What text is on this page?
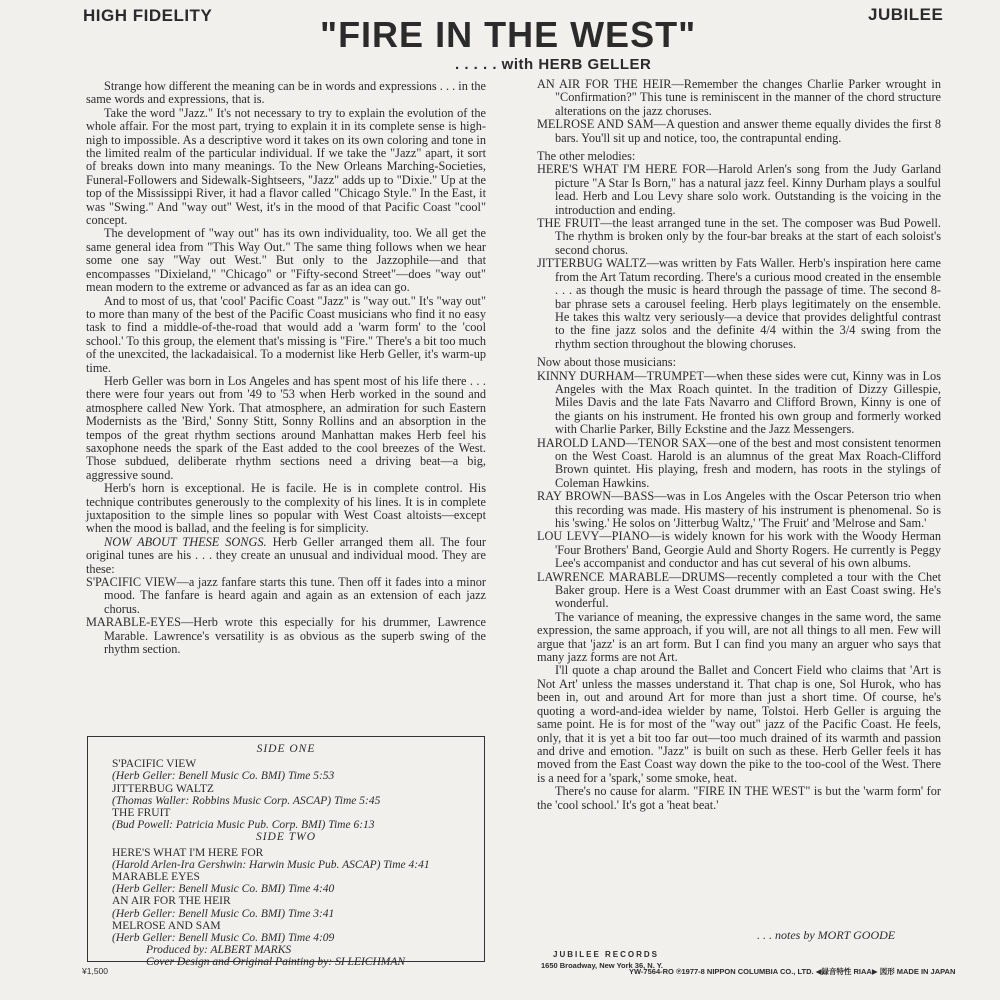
HIGH FIDELITY	"FIRE IN THE WEST"
. . . . . with HERB GELLER
JUBILEE

Strange how different the meaning can be in words and expressions . . . in the same words and expressions, that is.

Take the word "Jazz." It's not necessary to try to explain the evolution of the whole affair. For the most part, trying to explain it in its complete sense is high-nigh to impossible. As a descriptive word it takes on its own coloring and tone in the limited realm of the particular individual. If we take the "Jazz" apart, it sort of breaks down into many meanings. To the New Orleans Marching-Societies, Funeral-Followers and Sidewalk-Sightseers, "Jazz" adds up to "Dixie." Up at the top of the Mississippi River, it had a flavor called "Chicago Style." In the East, it was "Swing." And "way out" West, it's in the mood of that Pacific Coast "cool" concept.

The development of "way out" has its own individuality, too. We all get the same general idea from "This Way Out." The same thing follows when we hear some one say "Way out West." But only to the Jazzophile—and that encompasses "Dixieland," "Chicago" or "Fifty-second Street"—does "way out" mean modern to the extreme or advanced as far as an idea can go.

And to most of us, that 'cool' Pacific Coast "Jazz" is "way out." It's "way out" to more than many of the best of the Pacific Coast musicians who find it no easy task to find a middle-of-the-road that would add a 'warm form' to the 'cool school.' To this group, the element that's missing is "Fire." There's a bit too much of the unexcited, the lackadaisical. To a modernist like Herb Geller, it's warm-up time.

Herb Geller was born in Los Angeles and has spent most of his life there . . . there were four years out from '49 to '53 when Herb worked in the sound and atmosphere called New York. That atmosphere, an admiration for such Eastern Modernists as the 'Bird,' Sonny Stitt, Sonny Rollins and an absorption in the tempos of the great rhythm sections around Manhattan makes Herb feel his saxophone needs the spark of the East added to the cool breezes of the West. Those subdued, deliberate rhythm sections need a driving beat—a big, aggressive sound.

Herb's horn is exceptional. He is facile. He is in complete control. His technique contributes generously to the complexity of his lines. It is in complete juxtaposition to the simple lines so popular with West Coast altoists—except when the mood is ballad, and the feeling is for simplicity.

NOW ABOUT THESE SONGS. Herb Geller arranged them all. The four original tunes are his . . . they create an unusual and individual mood. They are these:

S'PACIFIC VIEW—a jazz fanfare starts this tune. Then off it fades into a minor mood. The fanfare is heard again and again as an extension of each jazz chorus.

MARABLE-EYES—Herb wrote this especially for his drummer, Lawrence Marable. Lawrence's versatility is as obvious as the superb swing of the rhythm section.

AN AIR FOR THE HEIR—Remember the changes Charlie Parker wrought in "Confirmation?" This tune is reminiscent in the manner of the chord structure alterations on the jazz choruses.

MELROSE AND SAM—A question and answer theme equally divides the first 8 bars. You'll sit up and notice, too, the contrapuntal ending.

The other melodies:

HERE'S WHAT I'M HERE FOR—Harold Arlen's song from the Judy Garland picture "A Star Is Born," has a natural jazz feel. Kinny Durham plays a soulful lead. Herb and Lou Levy share solo work. Outstanding is the voicing in the introduction and ending.

THE FRUIT—the least arranged tune in the set. The composer was Bud Powell. The rhythm is broken only by the four-bar breaks at the start of each soloist's second chorus.

JITTERBUG WALTZ—was written by Fats Waller. Herb's inspiration here came from the Art Tatum recording. There's a curious mood created in the ensemble . . . as though the music is heard through the passage of time. The second 8-bar phrase sets a carousel feeling. Herb plays legitimately on the ensemble. He takes this waltz very seriously—a device that provides delightful contrast to the fine jazz solos and the definite 4/4 within the 3/4 swing from the rhythm section throughout the blowing choruses.

Now about those musicians:

KINNY DURHAM—TRUMPET—when these sides were cut, Kinny was in Los Angeles with the Max Roach quintet. In the tradition of Dizzy Gillespie, Miles Davis and the late Fats Navarro and Clifford Brown, Kinny is one of the giants on his instrument. He fronted his own group and formerly worked with Charlie Parker, Billy Eckstine and the Jazz Messengers.

HAROLD LAND—TENOR SAX—one of the best and most consistent tenormen on the West Coast. Harold is an alumnus of the great Max Roach-Clifford Brown quintet. His playing, fresh and modern, has roots in the stylings of Coleman Hawkins.

RAY BROWN—BASS—was in Los Angeles with the Oscar Peterson trio when this recording was made. His mastery of his instrument is phenomenal. So is his 'swing.' He solos on 'Jitterbug Waltz,' 'The Fruit' and 'Melrose and Sam.'

LOU LEVY—PIANO—is widely known for his work with the Woody Herman 'Four Brothers' Band, Georgie Auld and Shorty Rogers. He currently is Peggy Lee's accompanist and conductor and has cut several of his own albums.

LAWRENCE MARABLE—DRUMS—recently completed a tour with the Chet Baker group. Here is a West Coast drummer with an East Coast swing. He's wonderful.

The variance of meaning, the expressive changes in the same word, the same expression, the same approach, if you will, are not all things to all men. Few will argue that 'jazz' is an art form. But I can find you many an arguer who says that many jazz forms are not Art.

I'll quote a chap around the Ballet and Concert Field who claims that 'Art is Not Art' unless the masses understand it. That chap is one, Sol Hurok, who has been in, out and around Art for more than just a short time. Of course, he's quoting a word-and-idea wielder by name, Tolstoi. Herb Geller is arguing the same point. He is for most of the "way out" jazz of the Pacific Coast. He feels, only, that it is yet a bit too far out—too much drained of its warmth and passion and drive and emotion. "Jazz" is built on such as these. Herb Geller feels it has moved from the East Coast way down the pike to the too-cool of the West. There is a need for a 'spark,' some smoke, heat.

There's no cause for alarm. "FIRE IN THE WEST" is but the 'warm form' for the 'cool school.' It's got a 'heat beat.'

SIDE ONE

S'PACIFIC VIEW

(Herb Geller: Benell Music Co. BMI) Time 5:53

JITTERBUG WALTZ

(Thomas Waller: Robbins Music Corp. ASCAP) Time 5:45

THE FRUIT

(Bud Powell: Patricia Music Pub. Corp. BMI) Time 6:13

SIDE TWO

HERE'S WHAT I'M HERE FOR

(Harold Arlen-Ira Gershwin: Harwin Music Pub. ASCAP) Time 4:41

MARABLE EYES

(Herb Geller: Benell Music Co. BMI) Time 4:40

AN AIR FOR THE HEIR

(Herb Geller: Benell Music Co. BMI) Time 3:41

MELROSE AND SAM

(Herb Geller: Benell Music Co. BMI) Time 4:09

Produced by: ALBERT MARKS

Cover Design and Original Painting by: SI LEICHMAN

. . . notes by MORT GOODE
JUBILEE RECORDS
1650 Broadway, New York 36, N. Y.
YW-7564-RO ℗1977-8 NIPPON COLUMBIA CO., LTD. ◀録音特性 RIAA▶ 図形 MADE IN JAPAN
¥1,500
